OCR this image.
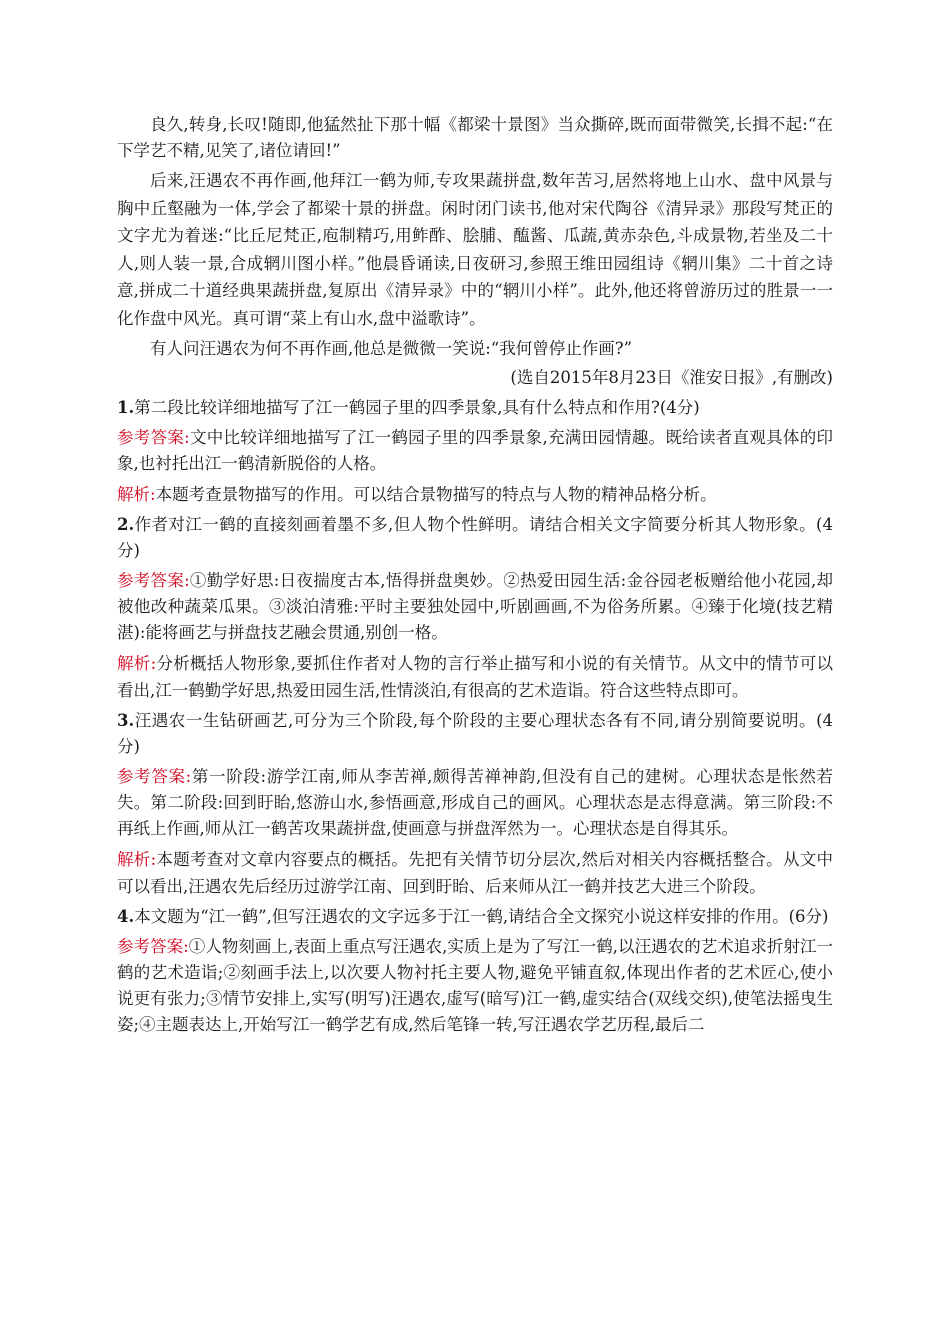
良久,转身,长叹!随即,他猛然扯下那十幅《都梁十景图》当众撕碎,既而面带微笑,长揖不起:“在下学艺不精,见笑了,诸位请回!”

后来,汪遇农不再作画,他拜江一鹤为师,专攻果蔬拼盘,数年苦习,居然将地上山水、盘中风景与胸中丘壑融为一体,学会了都梁十景的拼盘。闲时闭门读书,他对宋代陶谷《清异录》那段写梵正的文字尤为着迷:“比丘尼梵正,庖制精巧,用鲊酢、脍脯、醢酱、瓜蔬,黄赤杂色,斗成景物,若坐及二十人,则人装一景,合成辋川图小样。”他晨昏诵读,日夜研习,参照王维田园组诗《辋川集》二十首之诗意,拼成二十道经典果蔬拼盘,复原出《清异录》中的“辋川小样”。此外,他还将曾游历过的胜景一一化作盘中风光。真可谓“菜上有山水,盘中溢歌诗”。

有人问汪遇农为何不再作画,他总是微微一笑说:“我何曾停止作画?”

(选自2015年8月23日《淮安日报》,有删改)

1.第二段比较详细地描写了江一鹤园子里的四季景象,具有什么特点和作用?(4分)

参考答案:文中比较详细地描写了江一鹤园子里的四季景象,充满田园情趣。既给读者直观具体的印象,也衬托出江一鹤清新脱俗的人格。

解析:本题考查景物描写的作用。可以结合景物描写的特点与人物的精神品格分析。

2.作者对江一鹤的直接刻画着墨不多,但人物个性鲜明。请结合相关文字简要分析其人物形象。(4分)

参考答案:①勤学好思:日夜揣度古本,悟得拼盘奥妙。②热爱田园生活:金谷园老板赠给他小花园,却被他改种蔬菜瓜果。③淡泊清雅:平时主要独处园中,听剧画画,不为俗务所累。④臻于化境(技艺精湛):能将画艺与拼盘技艺融会贯通,别创一格。

解析:分析概括人物形象,要抓住作者对人物的言行举止描写和小说的有关情节。从文中的情节可以看出,江一鹤勤学好思,热爱田园生活,性情淡泊,有很高的艺术造诣。符合这些特点即可。

3.汪遇农一生钻研画艺,可分为三个阶段,每个阶段的主要心理状态各有不同,请分别简要说明。(4分)

参考答案:第一阶段:游学江南,师从李苦禅,颇得苦禅神韵,但没有自己的建树。心理状态是怅然若失。第二阶段:回到盱眙,悠游山水,参悟画意,形成自己的画风。心理状态是志得意满。第三阶段:不再纸上作画,师从江一鹤苦攻果蔬拼盘,使画意与拼盘浑然为一。心理状态是自得其乐。

解析:本题考查对文章内容要点的概括。先把有关情节切分层次,然后对相关内容概括整合。从文中可以看出,汪遇农先后经历过游学江南、回到盱眙、后来师从江一鹤并技艺大进三个阶段。

4.本文题为“江一鹤”,但写汪遇农的文字远多于江一鹤,请结合全文探究小说这样安排的作用。(6分)

参考答案:①人物刻画上,表面上重点写汪遇农,实质上是为了写江一鹤,以汪遇农的艺术追求折射江一鹤的艺术造诣;②刻画手法上,以次要人物衬托主要人物,避免平铺直叙,体现出作者的艺术匠心,使小说更有张力;③情节安排上,实写(明写)汪遇农,虚写(暗写)江一鹤,虚实结合(双线交织),使笔法摇曳生姿;④主题表达上,开始写江一鹤学艺有成,然后笔锋一转,写汪遇农学艺历程,最后二
